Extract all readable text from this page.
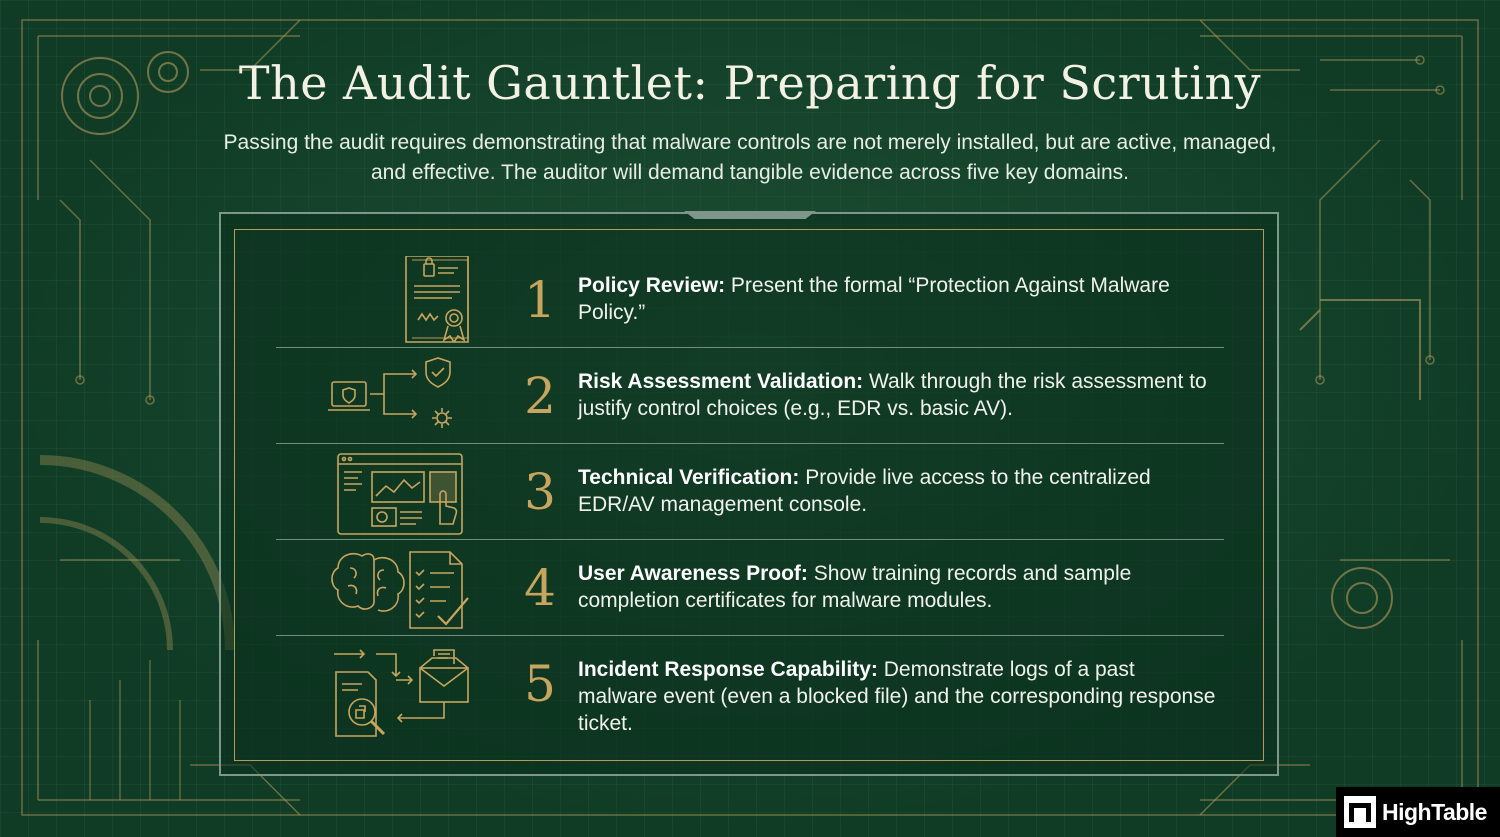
The Audit Gauntlet: Preparing for Scrutiny

Passing the audit requires demonstrating that malware controls are not merely installed, but are active, managed, and effective. The auditor will demand tangible evidence across five key domains.

1 Policy Review: Present the formal “Protection Against Malware Policy.”
2 Risk Assessment Validation: Walk through the risk assessment to justify control choices (e.g., EDR vs. basic AV).
3 Technical Verification: Provide live access to the centralized EDR/AV management console.
4 User Awareness Proof: Show training records and sample completion certificates for malware modules.
5 Incident Response Capability: Demonstrate logs of a past malware event (even a blocked file) and the corresponding response ticket.
HighTable
